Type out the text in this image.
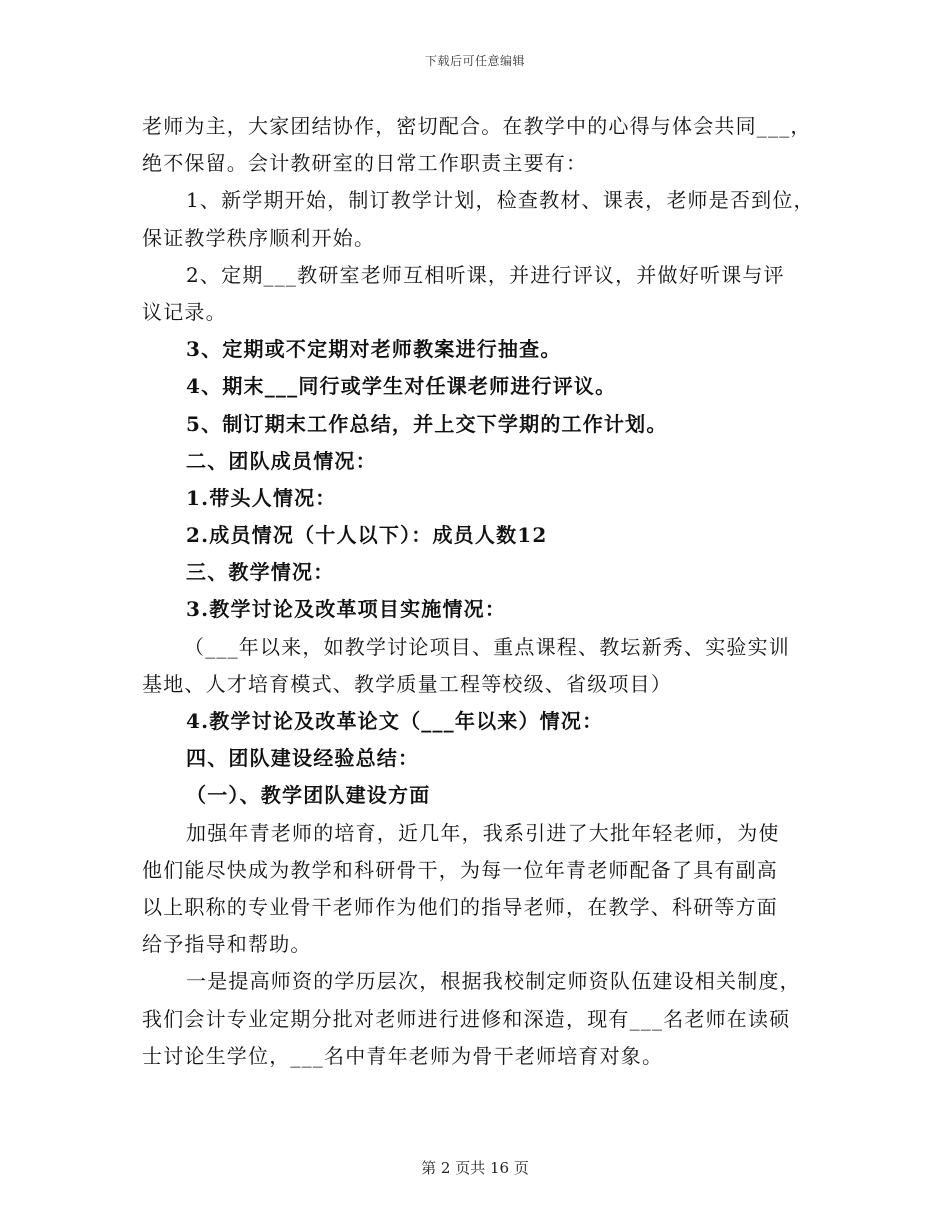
下载后可任意编辑
老师为主，大家团结协作，密切配合。在教学中的心得与体会共同___，
绝不保留。会计教研室的日常工作职责主要有：
1、新学期开始，制订教学计划，检查教材、课表，老师是否到位，
保证教学秩序顺利开始。
2、定期___教研室老师互相听课，并进行评议，并做好听课与评
议记录。
3、定期或不定期对老师教案进行抽查。
4、期末___同行或学生对任课老师进行评议。
5、制订期末工作总结，并上交下学期的工作计划。
二、团队成员情况：
1.带头人情况：
2.成员情况（十人以下）：成员人数12
三、教学情况：
3.教学讨论及改革项目实施情况：
（___年以来，如教学讨论项目、重点课程、教坛新秀、实验实训
基地、人才培育模式、教学质量工程等校级、省级项目）
4.教学讨论及改革论文（___年以来）情况：
四、团队建设经验总结：
（一）、教学团队建设方面
加强年青老师的培育，近几年，我系引进了大批年轻老师，为使
他们能尽快成为教学和科研骨干，为每一位年青老师配备了具有副高
以上职称的专业骨干老师作为他们的指导老师，在教学、科研等方面
给予指导和帮助。
一是提高师资的学历层次，根据我校制定师资队伍建设相关制度，
我们会计专业定期分批对老师进行进修和深造，现有___名老师在读硕
士讨论生学位，___名中青年老师为骨干老师培育对象。
第 2 页共 16 页
